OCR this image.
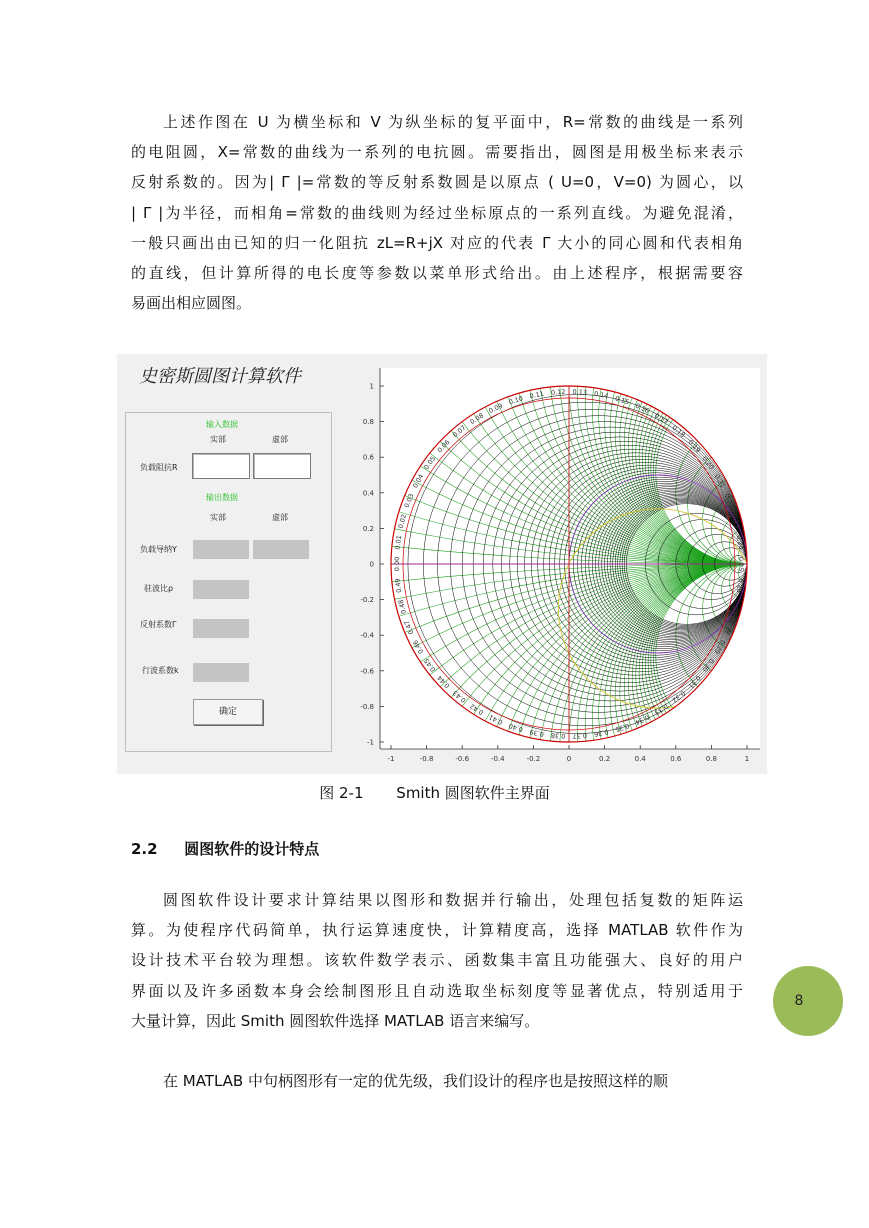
上述作图在 U 为横坐标和 V 为纵坐标的复平面中，R=常数的曲线是一系列
的电阻圆，X=常数的曲线为一系列的电抗圆。需要指出，圆图是用极坐标来表示
反射系数的。因为| Γ |=常数的等反射系数圆是以原点 ( U=0，V=0) 为圆心，以
| Γ |为半径，而相角=常数的曲线则为经过坐标原点的一系列直线。为避免混淆，
一般只画出由已知的归一化阻抗 zL=R+jX 对应的代表 Γ 大小的同心圆和代表相角
的直线，但计算所得的电长度等参数以菜单形式给出。由上述程序，根据需要容
易画出相应圆图。
史密斯圆图计算软件
输入数据
实部	虚部
负载阻抗R
输出数据
实部	虚部
负载导纳Y
驻波比ρ
反射系数Γ
行波系数k
确定
0.00
0.01
0.02
0.03
0.04
0.05
0.06
0.07
0.08
0.09
0.10 0.11 0.12 0.13 0.14 0.15
0.16
0.17
0.18
0.19
0.20
0.21
0.22
0.23
0.24
0.25
0.26
0.27
0.28
0.29
0.30
0.31
0.32
0.33
0.34
0.35
0.36
0.37
0.38
0.39
0.40
0.41
0.42
0.43
0.44
0.45
0.46
0.47
0.48
0.49
-1	-0.8	-0.6	-0.4	-0.2	0	0.2	0.4	0.6	0.8	1
1
0.8
0.6
0.4
0.2
0
-0.2
-0.4
-0.6
-0.8
-1
图 2-1 Smith 圆图软件主界面
2.2 圆图软件的设计特点
圆图软件设计要求计算结果以图形和数据并行输出，处理包括复数的矩阵运
算。为使程序代码简单，执行运算速度快，计算精度高，选择 MATLAB 软件作为
设计技术平台较为理想。该软件数学表示、函数集丰富且功能强大、良好的用户
界面以及许多函数本身会绘制图形且自动选取坐标刻度等显著优点，特别适用于
大量计算，因此 Smith 圆图软件选择 MATLAB 语言来编写。
在 MATLAB 中句柄图形有一定的优先级，我们设计的程序也是按照这样的顺
8
